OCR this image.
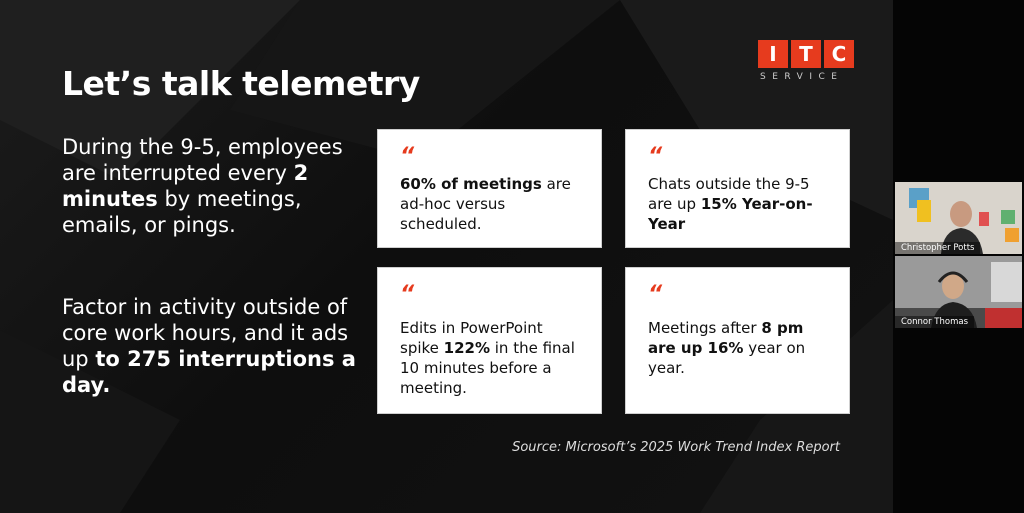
Let’s talk telemetry
I	T C
SERVICE
During the 9-5, employees are interrupted every 2 minutes by meetings, emails, or pings.
Factor in activity outside of core work hours, and it ads up to 275 interruptions a day.
“
60% of meetings are ad-hoc versus scheduled.
“
Chats outside the 9-5 are up 15% Year-on-Year
“
Edits in PowerPoint spike 122% in the final 10 minutes before a meeting.
“
Meetings after 8 pm are up 16% year on year.
Source: Microsoft’s 2025 Work Trend Index Report
Christopher Potts
Connor Thomas
